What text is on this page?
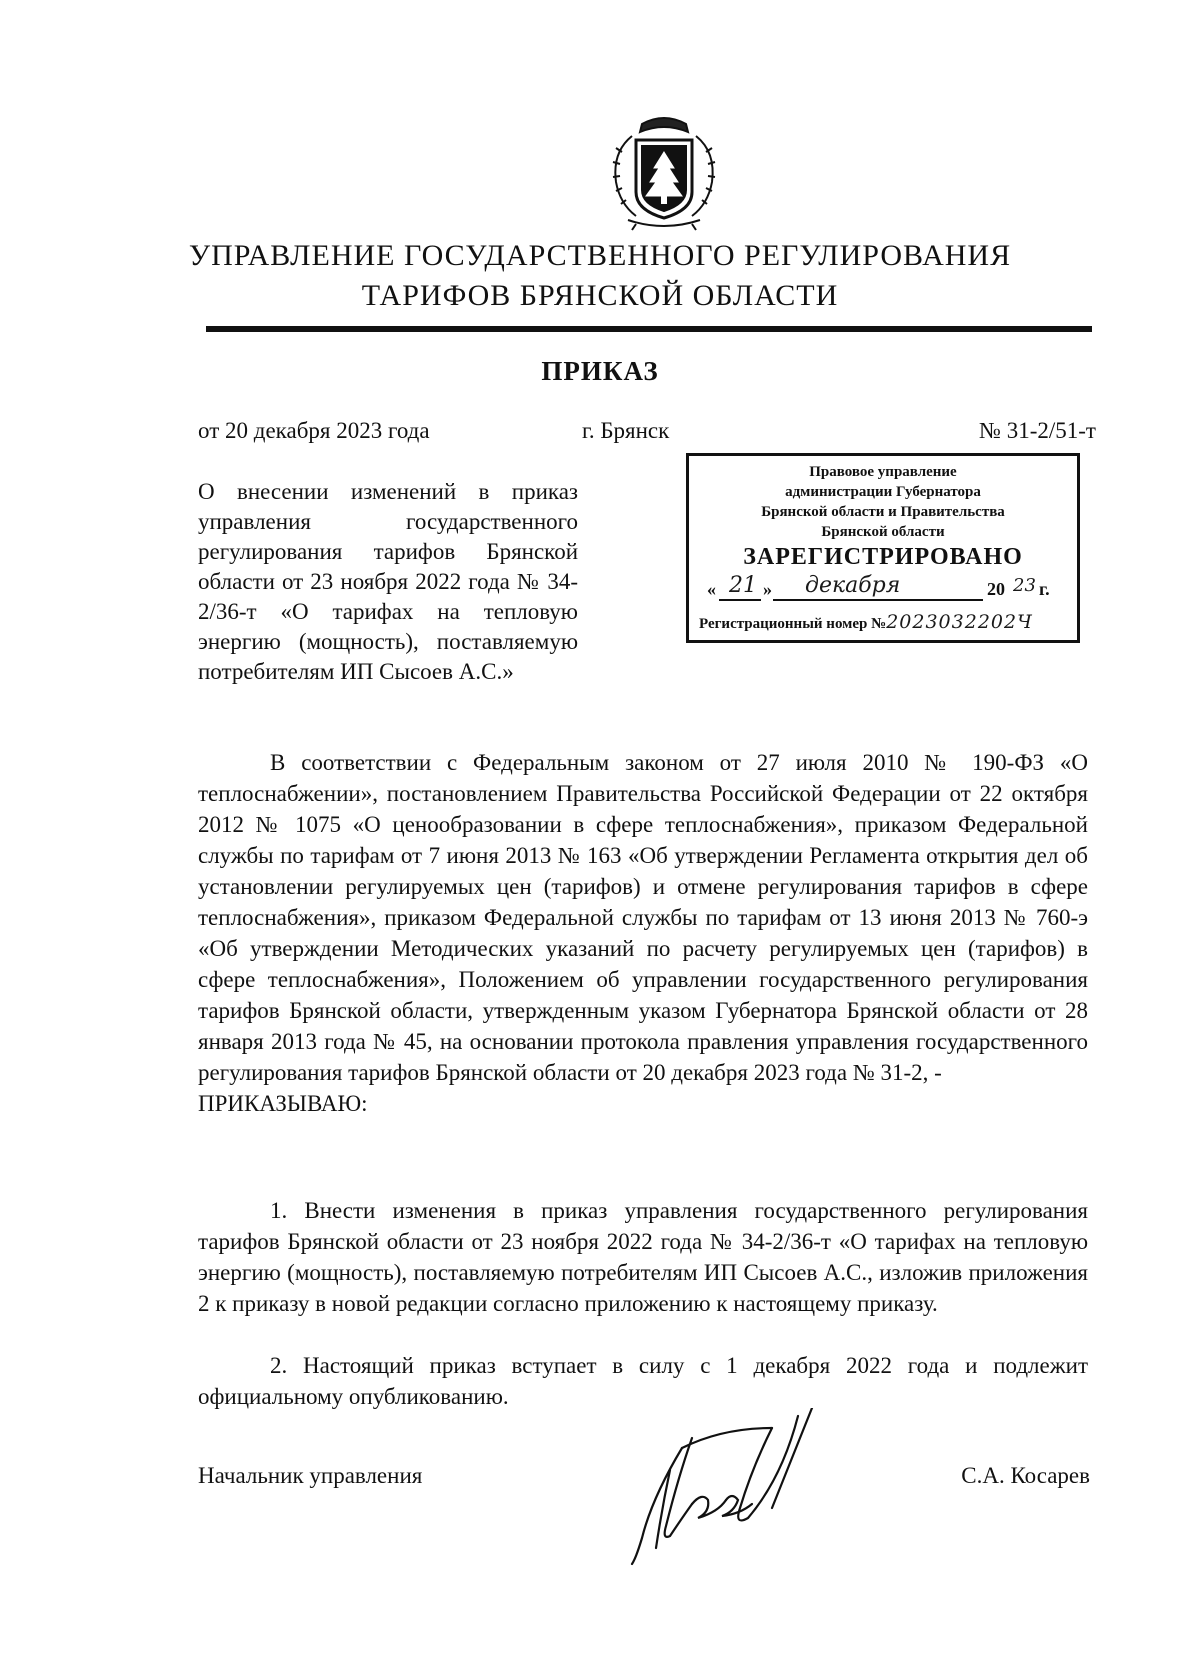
УПРАВЛЕНИЕ ГОСУДАРСТВЕННОГО РЕГУЛИРОВАНИЯ
ТАРИФОВ БРЯНСКОЙ ОБЛАСТИ
ПРИКАЗ
от 20 декабря 2023 года	г. Брянск	№ 31-2/51-т
Правовое управление
администрации Губернатора
Брянской области и Правительства
Брянской области
ЗАРЕГИСТРИРОВАНО
« 21 » декабря	20 23 г.
Регистрационный номер №2023032202Ч
О внесении изменений в приказ управления государственного регулирования тарифов Брянской области от 23 ноября 2022 года № 34-2/36-т «О тарифах на тепловую энергию (мощность), поставляемую потребителям ИП Сысоев А.С.»
В соответствии с Федеральным законом от 27 июля 2010 № 190-ФЗ «О теплоснабжении», постановлением Правительства Российской Федерации от 22 октября 2012 № 1075 «О ценообразовании в сфере теплоснабжения», приказом Федеральной службы по тарифам от 7 июня 2013 № 163 «Об утверждении Регламента открытия дел об установлении регулируемых цен (тарифов) и отмене регулирования тарифов в сфере теплоснабжения», приказом Федеральной службы по тарифам от 13 июня 2013 № 760-э «Об утверждении Методических указаний по расчету регулируемых цен (тарифов) в сфере теплоснабжения», Положением об управлении государственного регулирования тарифов Брянской области, утвержденным указом Губернатора Брянской области от 28 января 2013 года № 45, на основании протокола правления управления государственного регулирования тарифов Брянской области от 20 декабря 2023 года № 31-2, -
ПРИКАЗЫВАЮ:
1. Внести изменения в приказ управления государственного регулирования тарифов Брянской области от 23 ноября 2022 года № 34-2/36-т «О тарифах на тепловую энергию (мощность), поставляемую потребителям ИП Сысоев А.С., изложив приложения 2 к приказу в новой редакции согласно приложению к настоящему приказу.
2. Настоящий приказ вступает в силу с 1 декабря 2022 года и подлежит официальному опубликованию.
Начальник управления	С.А. Косарев
